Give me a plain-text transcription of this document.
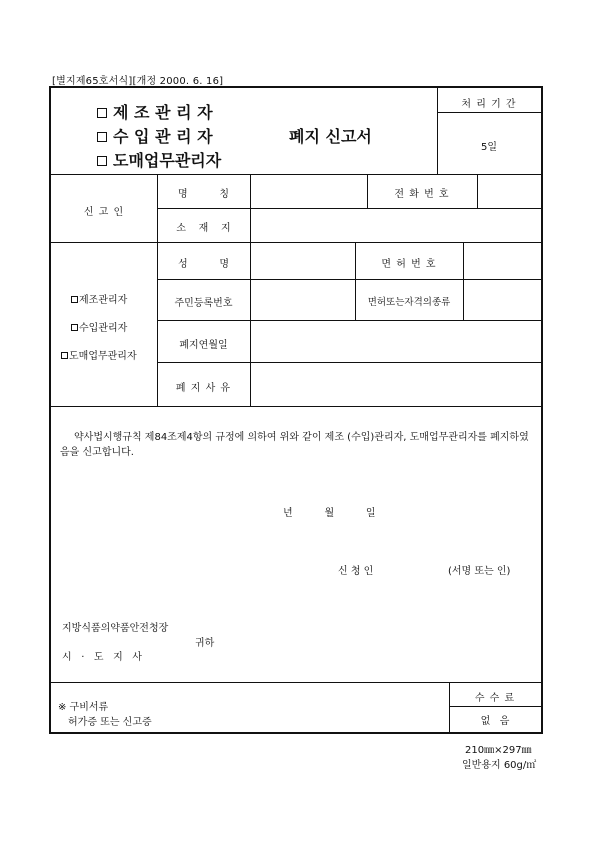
[별지제65호서식][개정 2000. 6. 16]
제 조 관 리 자
수 입 관 리 자
도매업무관리자
폐지 신고서
처 리 기 간
5일
신 고 인
명          칭	전 화 번 호
소    재    지
제조관리자
수입관리자
도매업무관리자
성          명	면 허 번 호
주민등록번호	면허또는자격의종류
폐지연월일
폐 지 사 유
약사법시행규칙 제84조제4항의 규정에 의하여 위와 같이 제조 (수입)관리자, 도매업무관리자를 폐지하였음을 신고합니다.
년          월          일
신 청 인	(서명 또는 인)
지방식품의약품안전청장
귀하
시   ·   도   지   사
※ 구비서류
허가증 또는 신고증
수 수 료
없   음
210㎜×297㎜
일반용지 60g/㎡
